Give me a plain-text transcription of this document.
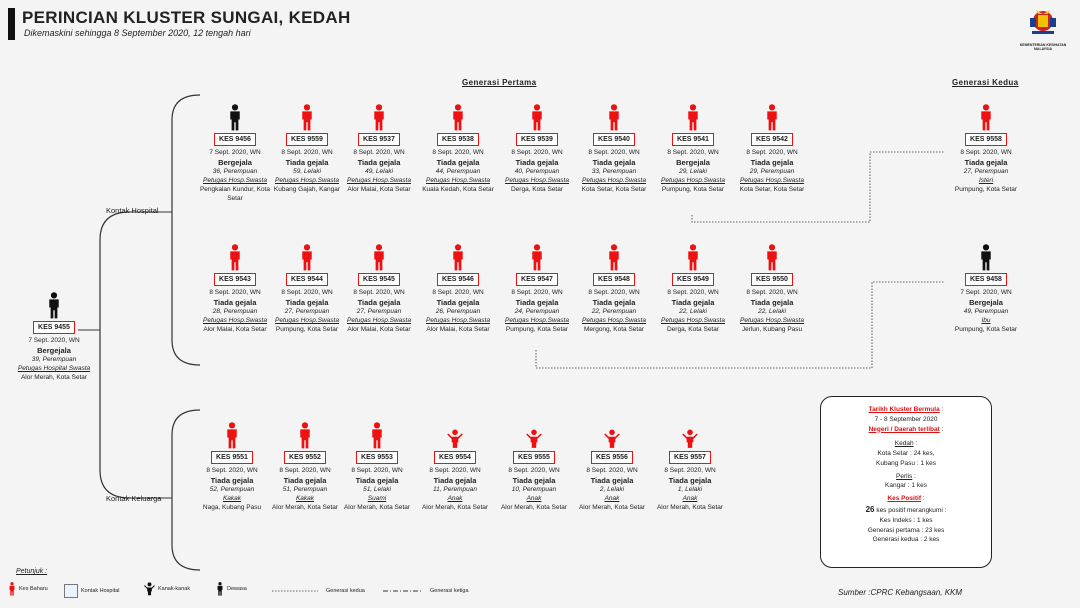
PERINCIAN KLUSTER SUNGAI, KEDAH
Dikemaskini sehingga 8 September 2020, 12 tengah hari
KEMENTERIAN KESIHATAN MALAYSIA
Generasi Pertama	Generasi Kedua
Kontak Hospital
Kontak Keluarga
KES 9455
7 Sept. 2020, WN
Bergejala
39, Perempuan
Petugas Hospital Swasta
Alor Merah, Kota Setar
KES 9456
7 Sept. 2020, WN
Bergejala
36, Perempuan
Petugas Hosp.Swasta
Pengkalan Kundur, Kota Setar
KES 9559
8 Sept. 2020, WN
Tiada gejala
59, Lelaki
Petugas Hosp.Swasta
Kubang Gajah, Kangar
KES 9537
8 Sept. 2020, WN
Tiada gejala
49, Lelaki
Petugas Hosp.Swasta
Alor Malai, Kota Setar
KES 9538
8 Sept. 2020, WN
Tiada gejala
44, Perempuan
Petugas Hosp.Swasta
Kuala Kedah, Kota Setar
KES 9539
8 Sept. 2020, WN
Tiada gejala
40, Perempuan
Petugas Hosp.Swasta
Derga, Kota Setar
KES 9540
8 Sept. 2020, WN
Tiada gejala
33, Perempuan
Petugas Hosp.Swasta
Kota Setar, Kota Setar
KES 9541
8 Sept. 2020, WN
Bergejala
29, Lelaki
Petugas Hosp.Swasta
Pumpung, Kota Setar
KES 9542
8 Sept. 2020, WN
Tiada gejala
29, Perempuan
Petugas Hosp.Swasta
Kota Setar, Kota Setar
KES 9543
8 Sept. 2020, WN
Tiada gejala
28, Perempuan
Petugas Hosp.Swasta
Alor Malai, Kota Setar
KES 9544
8 Sept. 2020, WN
Tiada gejala
27, Perempuan
Petugas Hosp.Swasta
Pumpung, Kota Setar
KES 9545
8 Sept. 2020, WN
Tiada gejala
27, Perempuan
Petugas Hosp.Swasta
Alor Malai, Kota Setar
KES 9546
8 Sept. 2020, WN
Tiada gejala
26, Perempuan
Petugas Hosp.Swasta
Alor Malai, Kota Setar
KES 9547
8 Sept. 2020, WN
Tiada gejala
24, Perempuan
Petugas Hosp.Swasta
Pumpung, Kota Setar
KES 9548
8 Sept. 2020, WN
Tiada gejala
22, Perempuan
Petugas Hosp.Swasta
Mergong, Kota Setar
KES 9549
8 Sept. 2020, WN
Tiada gejala
22, Lelaki
Petugas Hosp.Swasta
Derga, Kota Setar
KES 9550
8 Sept. 2020, WN
Tiada gejala
22, Lelaki
Petugas Hosp.Swasta
Jerlun, Kubang Pasu
KES 9551
8 Sept. 2020, WN
Tiada gejala
52, Perempuan
Kakak
Naga, Kubang Pasu
KES 9552
8 Sept. 2020, WN
Tiada gejala
51, Perempuan
Kakak
Alor Merah, Kota Setar
KES 9553
8 Sept. 2020, WN
Tiada gejala
51, Lelaki
Suami
Alor Merah, Kota Setar
KES 9554
8 Sept. 2020, WN
Tiada gejala
11, Perempuan
Anak
Alor Merah, Kota Setar
KES 9555
8 Sept. 2020, WN
Tiada gejala
10, Perempuan
Anak
Alor Merah, Kota Setar
KES 9556
8 Sept. 2020, WN
Tiada gejala
2, Lelaki
Anak
Alor Merah, Kota Setar
KES 9557
8 Sept. 2020, WN
Tiada gejala
1, Lelaki
Anak
Alor Merah, Kota Setar
KES 9558
8 Sept. 2020, WN
Tiada gejala
27, Perempuan
Isteri
Pumpung, Kota Setar
KES 9458
7 Sept. 2020, WN
Bergejala
49, Perempuan
Ibu
Pumpung, Kota Setar
Tarikh Kluster Bermula :
7 - 8 September 2020
Negeri / Daerah terlibat :
Kedah :
Kota Setar : 24 kes,
Kubang Pasu : 1 kes
Perlis :
Kangar : 1 kes
Kes Positif :
26 kes positif merangkumi :
Kes Indeks : 1 kes
Generasi pertama : 23 kes
Generasi kedua : 2 kes
Petunjuk :
Kes Baharu	Kontak Hospital	Kanak-kanak	Dewasa	Generasi kedua	Generasi ketiga	Sumber :CPRC Kebangsaan, KKM
